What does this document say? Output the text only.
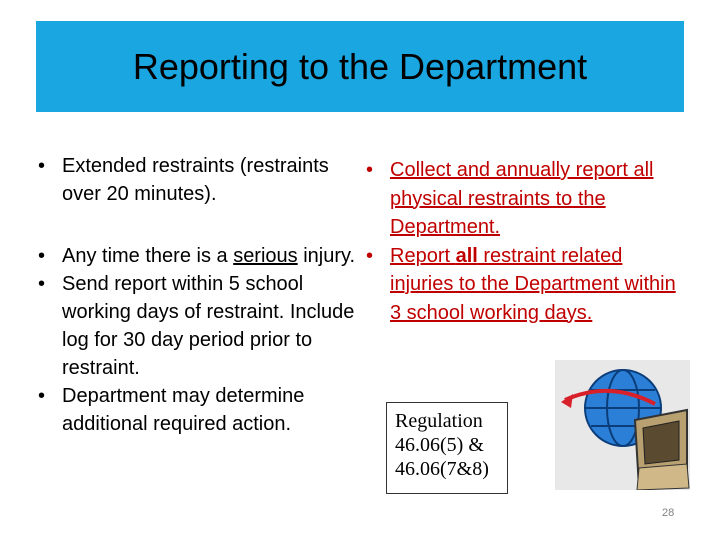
Reporting to the Department
• Extended restraints (restraints over 20 minutes).
• Any time there is a serious injury.
• Send report within 5 school working days of restraint. Include log for 30 day period prior to restraint.
• Department may determine additional required action.
• Collect and annually report all physical restraints to the Department.
• Report all restraint related injuries to the Department within 3 school working days.
Regulation
46.06(5) &
46.06(7&8)
28
